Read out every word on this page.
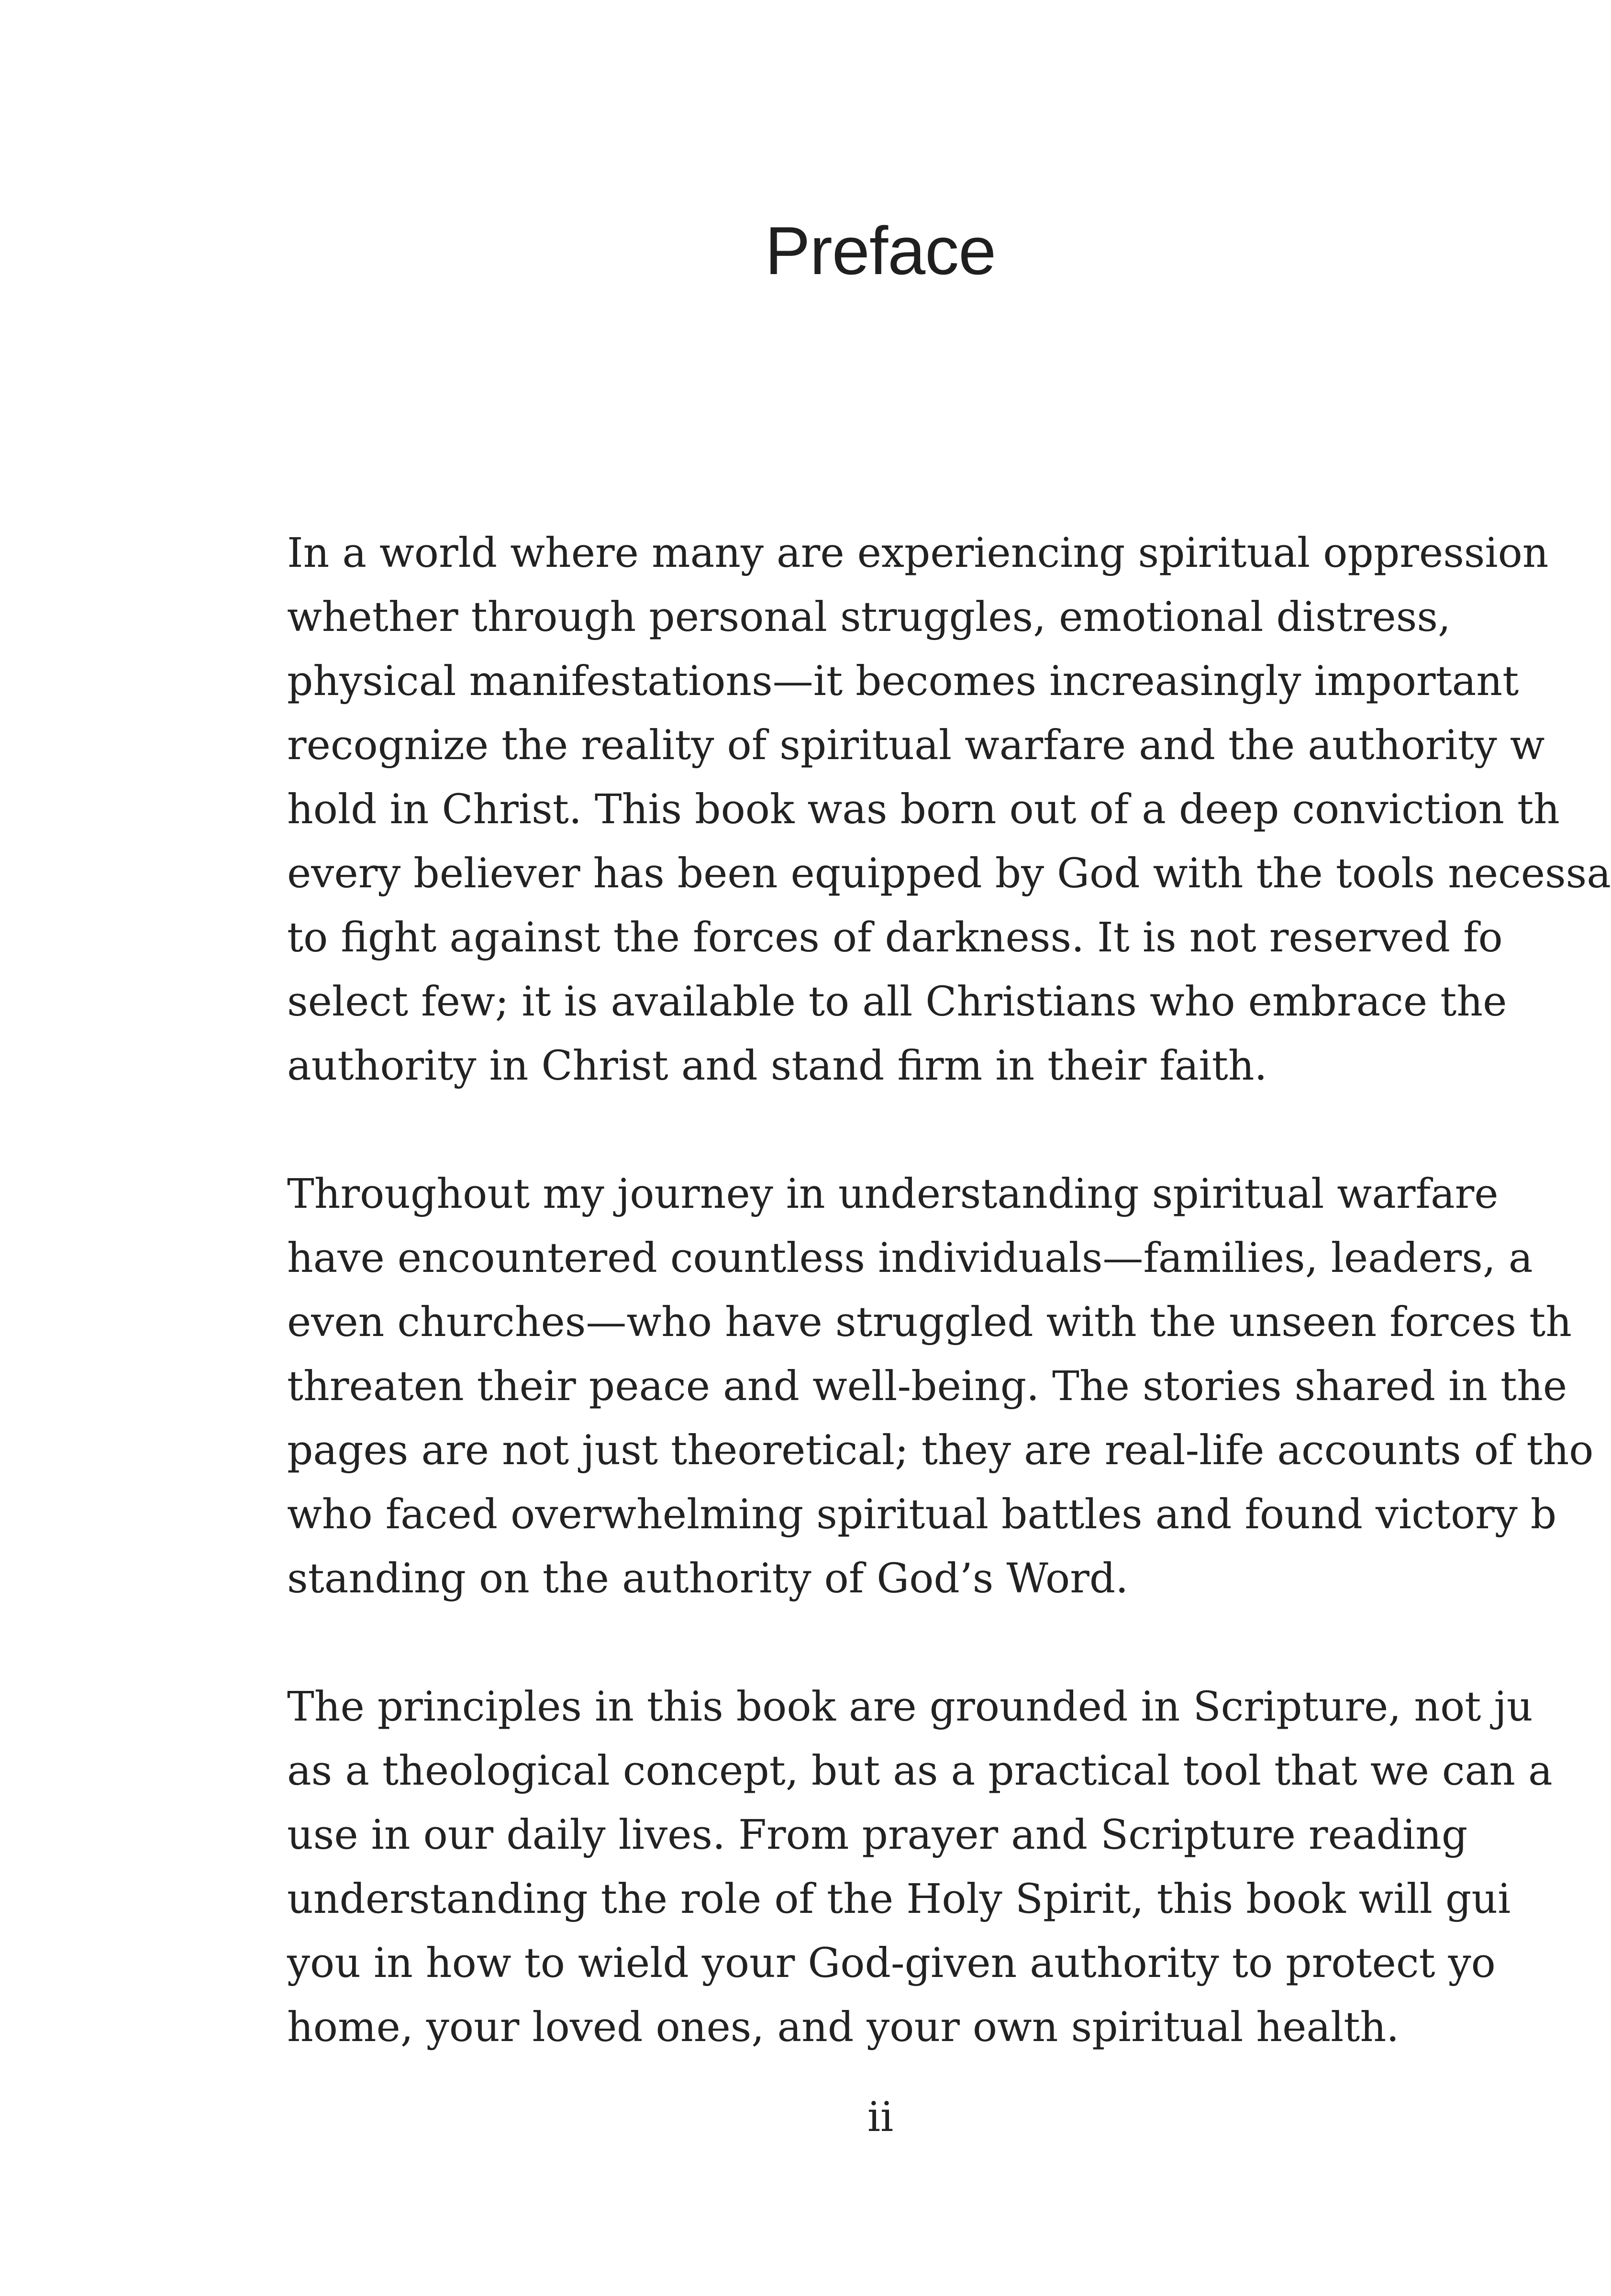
Preface

In a world where many are experiencing spiritual oppression
whether through personal struggles, emotional distress,
physical manifestations—it becomes increasingly important
recognize the reality of spiritual warfare and the authority w
hold in Christ. This book was born out of a deep conviction th
every believer has been equipped by God with the tools necessa
to fight against the forces of darkness. It is not reserved fo
select few; it is available to all Christians who embrace the
authority in Christ and stand firm in their faith.

Throughout my journey in understanding spiritual warfare
have encountered countless individuals—families, leaders, a
even churches—who have struggled with the unseen forces th
threaten their peace and well-being. The stories shared in the
pages are not just theoretical; they are real-life accounts of tho
who faced overwhelming spiritual battles and found victory b
standing on the authority of God’s Word.

The principles in this book are grounded in Scripture, not ju
as a theological concept, but as a practical tool that we can a
use in our daily lives. From prayer and Scripture reading
understanding the role of the Holy Spirit, this book will gui
you in how to wield your God-given authority to protect yo
home, your loved ones, and your own spiritual health.

ii
